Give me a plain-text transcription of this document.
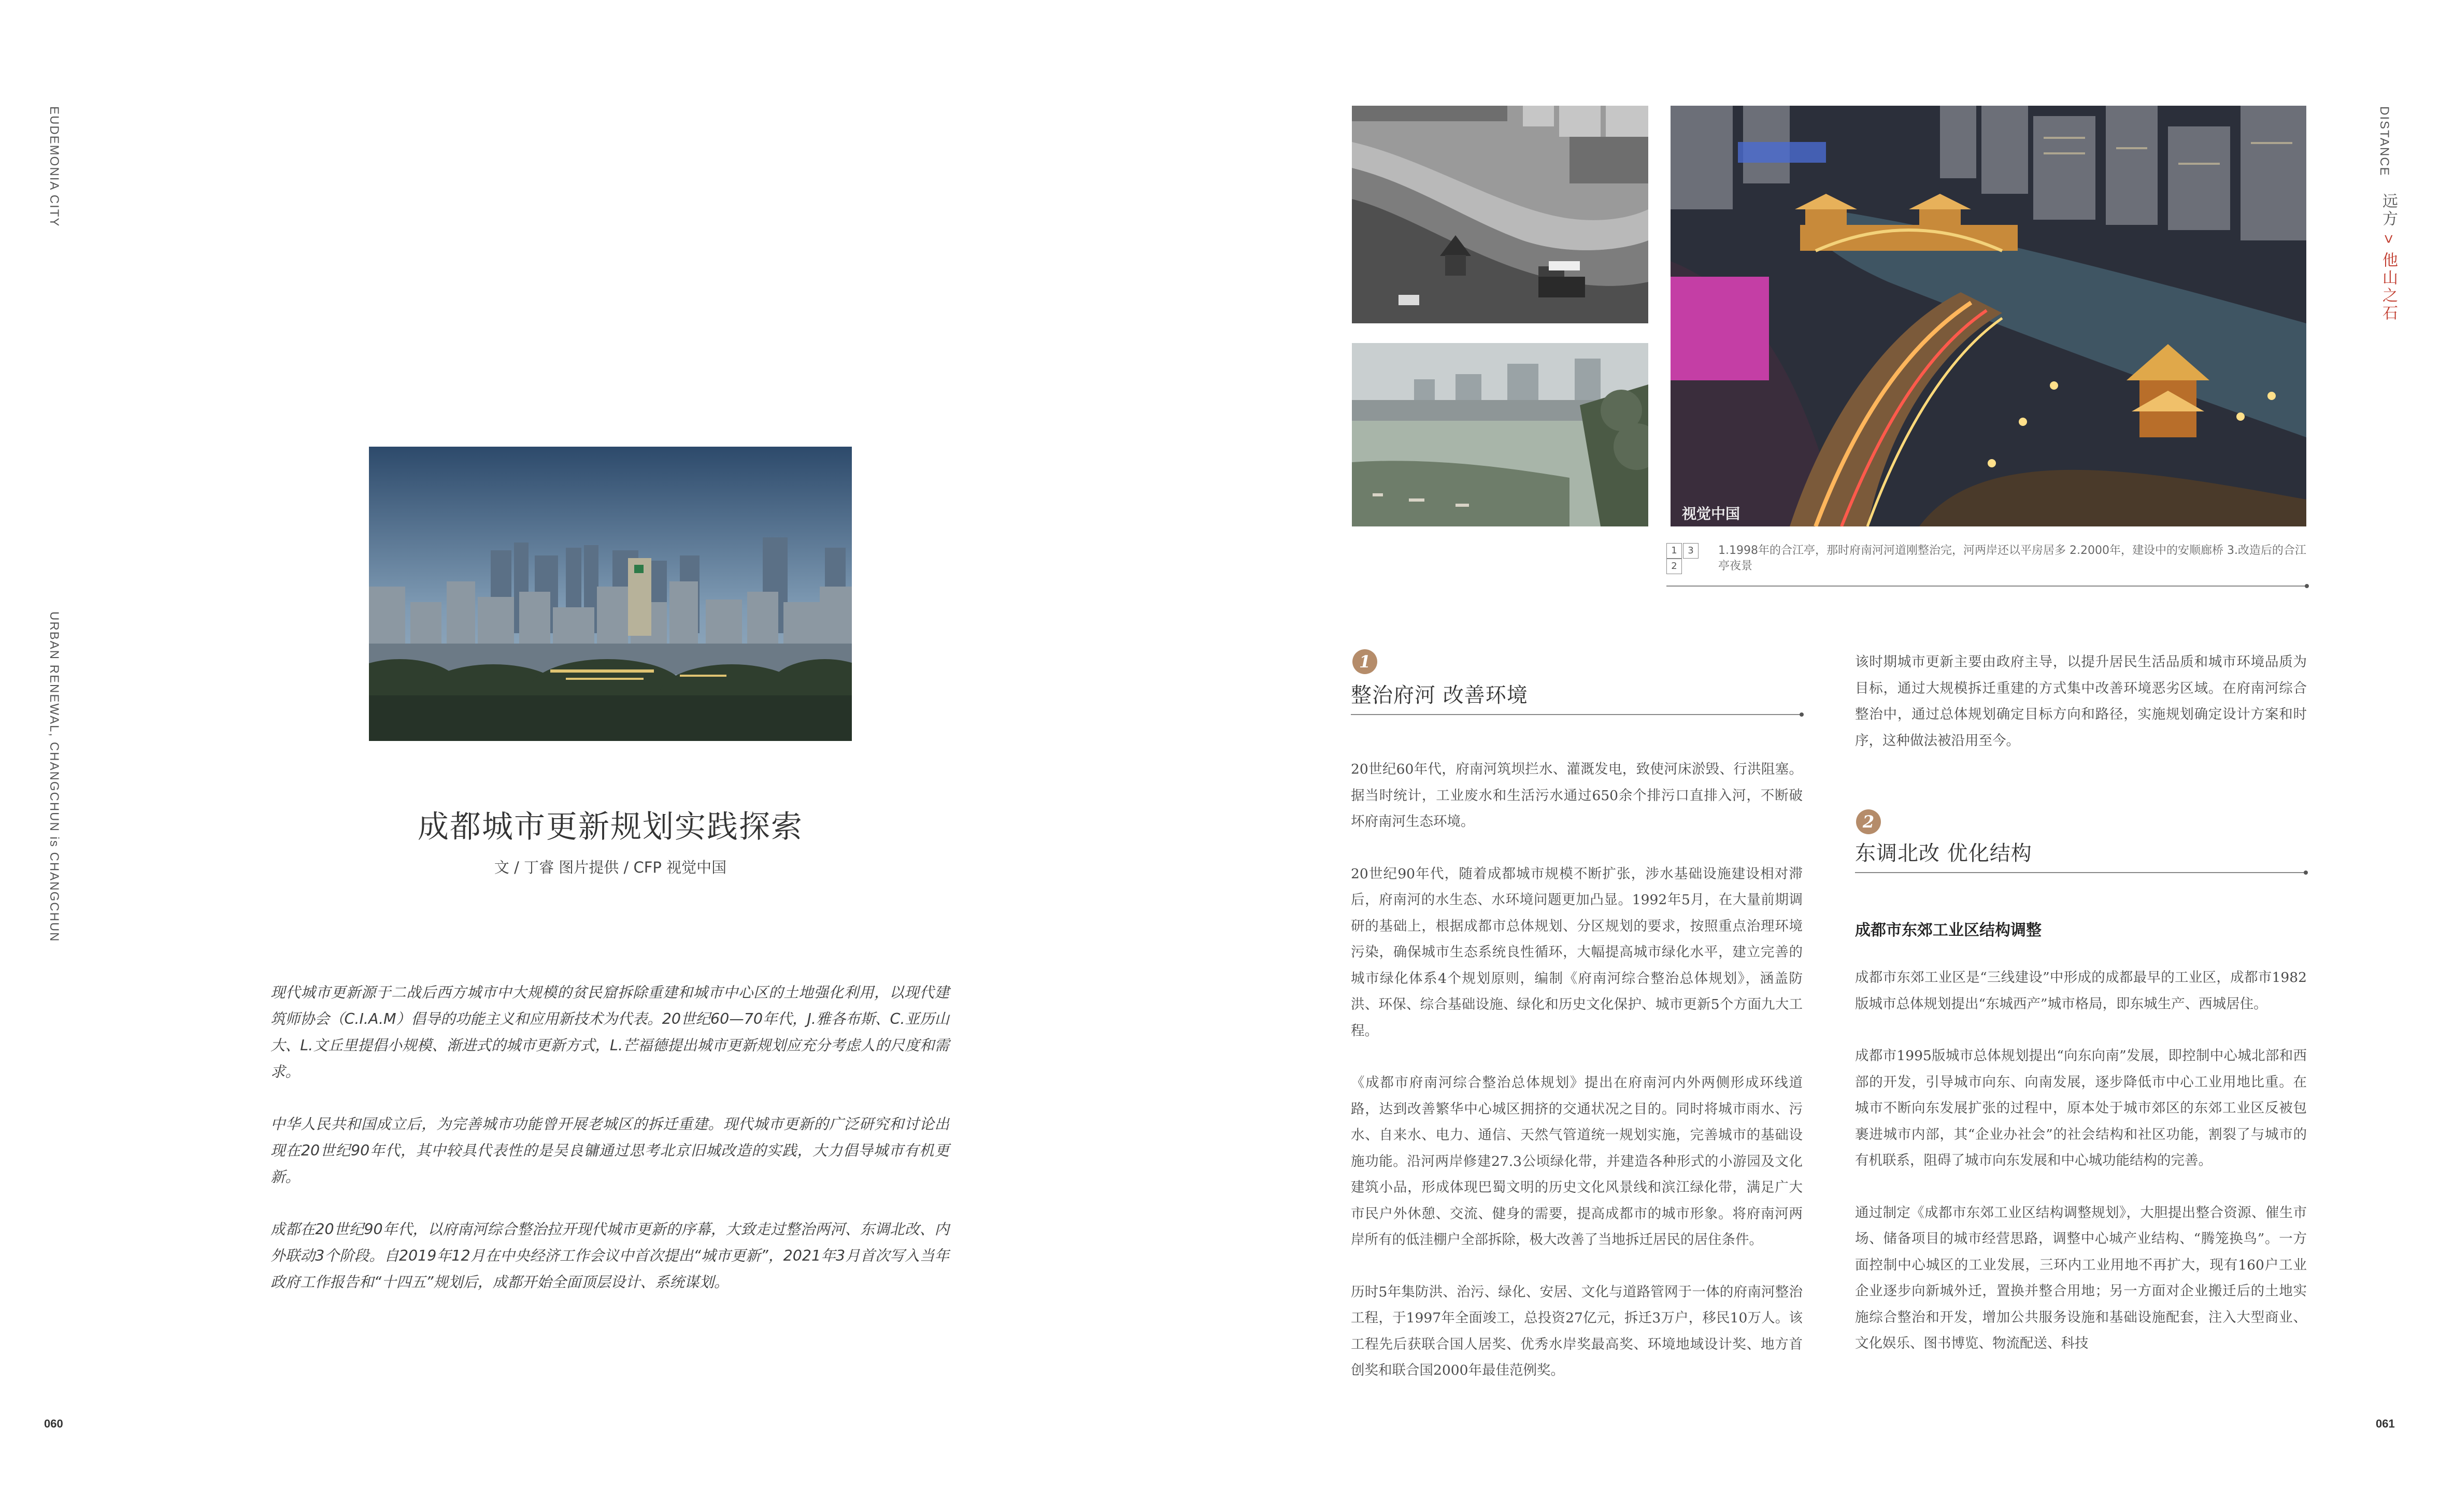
EUDEMONIA CITY
URBAN RENEWAL, CHANGCHUN is CHANGCHUN
DISTANCE
远方 > 他山之石
060	061
成都城市更新规划实践探索
文 / 丁睿 图片提供 / CFP 视觉中国

现代城市更新源于二战后西方城市中大规模的贫民窟拆除重建和城市中心区的土地强化利用，以现代建筑师协会（C.I.A.M）倡导的功能主义和应用新技术为代表。20世纪60—70年代，J.雅各布斯、C.亚历山大、L.文丘里提倡小规模、渐进式的城市更新方式，L.芒福德提出城市更新规划应充分考虑人的尺度和需求。

中华人民共和国成立后，为完善城市功能曾开展老城区的拆迁重建。现代城市更新的广泛研究和讨论出现在20世纪90年代，其中较具代表性的是吴良镛通过思考北京旧城改造的实践，大力倡导城市有机更新。

成都在20世纪90年代，以府南河综合整治拉开现代城市更新的序幕，大致走过整治两河、东调北改、内外联动3个阶段。自2019年12月在中央经济工作会议中首次提出“城市更新”，2021年3月首次写入当年政府工作报告和“十四五”规划后，成都开始全面顶层设计、系统谋划。

视觉中国
1 3
2
1.1998年的合江亭，那时府南河河道刚整治完，河两岸还以平房居多 2.2000年，建设中的安顺廊桥 3.改造后的合江亭夜景
1
整治府河 改善环境

20世纪60年代，府南河筑坝拦水、灌溉发电，致使河床淤毁、行洪阻塞。据当时统计，工业废水和生活污水通过650余个排污口直排入河，不断破坏府南河生态环境。

20世纪90年代，随着成都城市规模不断扩张，涉水基础设施建设相对滞后，府南河的水生态、水环境问题更加凸显。1992年5月，在大量前期调研的基础上，根据成都市总体规划、分区规划的要求，按照重点治理环境污染，确保城市生态系统良性循环，大幅提高城市绿化水平，建立完善的城市绿化体系4个规划原则，编制《府南河综合整治总体规划》，涵盖防洪、环保、综合基础设施、绿化和历史文化保护、城市更新5个方面九大工程。

《成都市府南河综合整治总体规划》提出在府南河内外两侧形成环线道路，达到改善繁华中心城区拥挤的交通状况之目的。同时将城市雨水、污水、自来水、电力、通信、天然气管道统一规划实施，完善城市的基础设施功能。沿河两岸修建27.3公顷绿化带，并建造各种形式的小游园及文化建筑小品，形成体现巴蜀文明的历史文化风景线和滨江绿化带，满足广大市民户外休憩、交流、健身的需要，提高成都市的城市形象。将府南河两岸所有的低洼棚户全部拆除，极大改善了当地拆迁居民的居住条件。

历时5年集防洪、治污、绿化、安居、文化与道路管网于一体的府南河整治工程，于1997年全面竣工，总投资27亿元，拆迁3万户，移民10万人。该工程先后获联合国人居奖、优秀水岸奖最高奖、环境地域设计奖、地方首创奖和联合国2000年最佳范例奖。

该时期城市更新主要由政府主导，以提升居民生活品质和城市环境品质为目标，通过大规模拆迁重建的方式集中改善环境恶劣区域。在府南河综合整治中，通过总体规划确定目标方向和路径，实施规划确定设计方案和时序，这种做法被沿用至今。

2
东调北改 优化结构
成都市东郊工业区结构调整

成都市东郊工业区是“三线建设”中形成的成都最早的工业区，成都市1982版城市总体规划提出“东城西产”城市格局，即东城生产、西城居住。

成都市1995版城市总体规划提出“向东向南”发展，即控制中心城北部和西部的开发，引导城市向东、向南发展，逐步降低市中心工业用地比重。在城市不断向东发展扩张的过程中，原本处于城市郊区的东郊工业区反被包裹进城市内部，其“企业办社会”的社会结构和社区功能，割裂了与城市的有机联系，阻碍了城市向东发展和中心城功能结构的完善。

通过制定《成都市东郊工业区结构调整规划》，大胆提出整合资源、催生市场、储备项目的城市经营思路，调整中心城产业结构、“腾笼换鸟”。一方面控制中心城区的工业发展，三环内工业用地不再扩大，现有160户工业企业逐步向新城外迁，置换并整合用地；另一方面对企业搬迁后的土地实施综合整治和开发，增加公共服务设施和基础设施配套，注入大型商业、文化娱乐、图书博览、物流配送、科技
